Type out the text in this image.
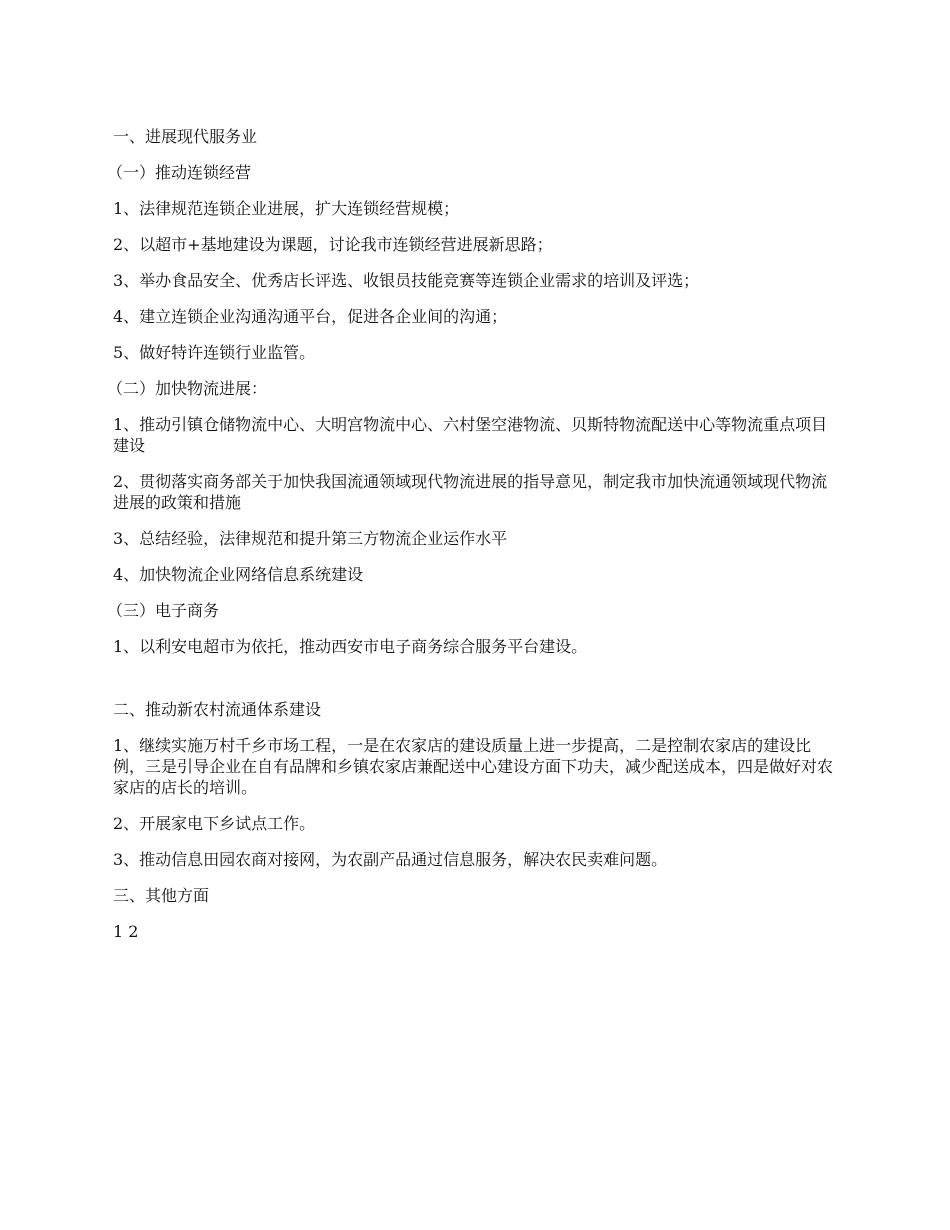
一、进展现代服务业

（一）推动连锁经营

1、法律规范连锁企业进展，扩大连锁经营规模；

2、以超市+基地建设为课题，讨论我市连锁经营进展新思路；

3、举办食品安全、优秀店长评选、收银员技能竞赛等连锁企业需求的培训及评选；

4、建立连锁企业沟通沟通平台，促进各企业间的沟通；

5、做好特许连锁行业监管。

（二）加快物流进展：

1、推动引镇仓储物流中心、大明宫物流中心、六村堡空港物流、贝斯特物流配送中心等物流重点项目建设

2、贯彻落实商务部关于加快我国流通领域现代物流进展的指导意见，制定我市加快流通领域现代物流进展的政策和措施

3、总结经验，法律规范和提升第三方物流企业运作水平

4、加快物流企业网络信息系统建设

（三）电子商务

1、以利安电超市为依托，推动西安市电子商务综合服务平台建设。

二、推动新农村流通体系建设

1、继续实施万村千乡市场工程，一是在农家店的建设质量上进一步提高，二是控制农家店的建设比例，三是引导企业在自有品牌和乡镇农家店兼配送中心建设方面下功夫，减少配送成本，四是做好对农家店的店长的培训。

2、开展家电下乡试点工作。

3、推动信息田园农商对接网，为农副产品通过信息服务，解决农民卖难问题。

三、其他方面

1 2
